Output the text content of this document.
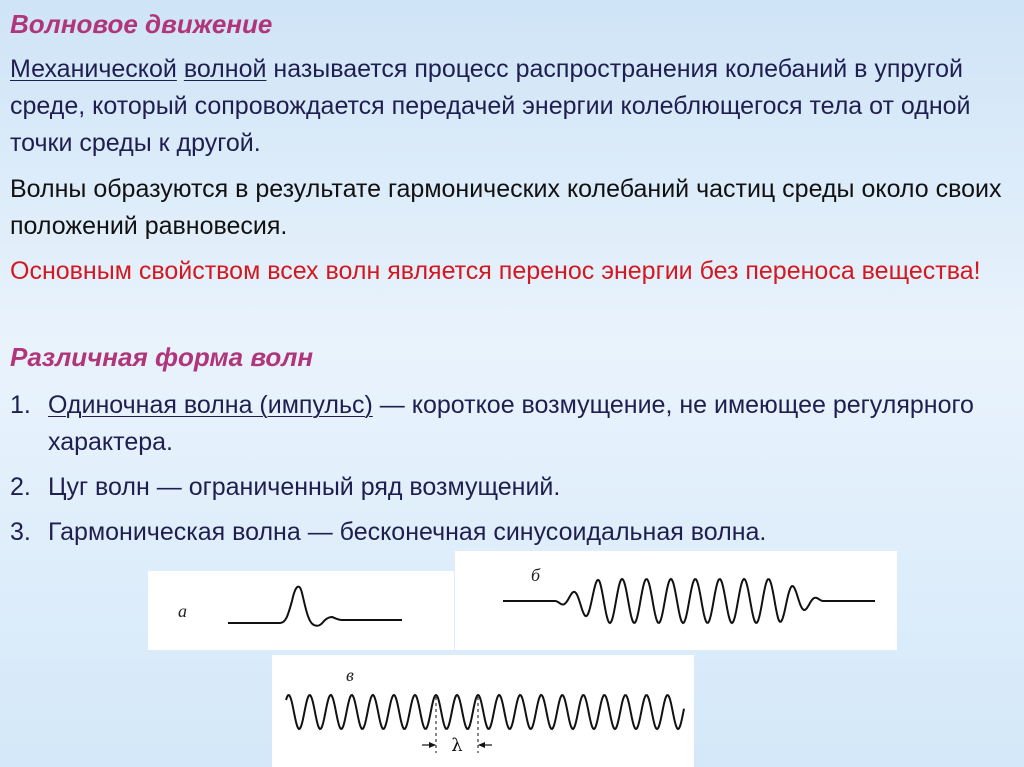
Волновое движение

Механической волной называется процесс распространения колебаний в упругой среде, который сопровождается передачей энергии колеблющегося тела от одной точки среды к другой.

Волны образуются в результате гармонических колебаний частиц среды около своих положений равновесия.

Основным свойством всех волн является перенос энергии без переноса вещества!

Различная форма волн
1. Одиночная волна (импульс) — короткое возмущение, не имеющее регулярного характера.
2. Цуг волн — ограниченный ряд возмущений.
3. Гармоническая волна — бесконечная синусоидальная волна.
а
б
в
λ
